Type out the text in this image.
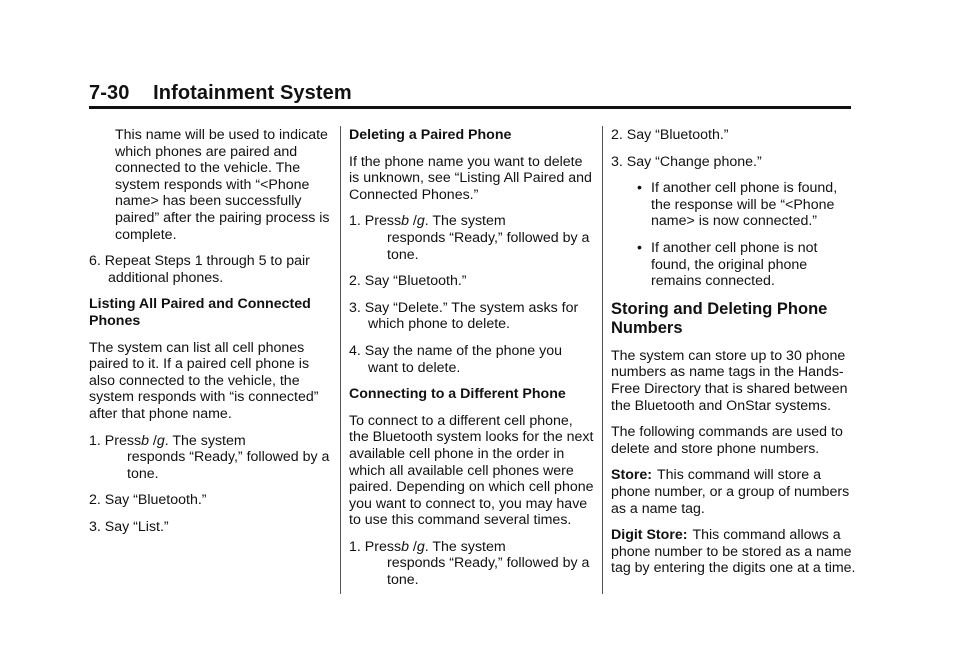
7-30 Infotainment System

This name will be used to indicate which phones are paired and connected to the vehicle. The system responds with “<Phone name> has been successfully paired” after the pairing process is complete.

6. Repeat Steps 1 through 5 to pair additional phones.

Listing All Paired and Connected Phones

The system can list all cell phones paired to it. If a paired cell phone is also connected to the vehicle, the system responds with “is connected” after that phone name.

1. Pressb /g. The system
responds “Ready,” followed by a tone.
2. Say “Bluetooth.”
3. Say “List.”

Deleting a Paired Phone

If the phone name you want to delete is unknown, see “Listing All Paired and Connected Phones.”

1. Pressb /g. The system
responds “Ready,” followed by a tone.
2. Say “Bluetooth.”
3. Say “Delete.” The system asks for which phone to delete.
4. Say the name of the phone you want to delete.

Connecting to a Different Phone

To connect to a different cell phone, the Bluetooth system looks for the next available cell phone in the order in which all available cell phones were paired. Depending on which cell phone you want to connect to, you may have to use this command several times.

1. Pressb /g. The system
responds “Ready,” followed by a tone.
2. Say “Bluetooth.”
3. Say “Change phone.”
• If another cell phone is found, the response will be “<Phone name> is now connected.”
• If another cell phone is not found, the original phone remains connected.
Storing and Deleting Phone Numbers

The system can store up to 30 phone numbers as name tags in the Hands-Free Directory that is shared between the Bluetooth and OnStar systems.

The following commands are used to delete and store phone numbers.

Store: This command will store a phone number, or a group of numbers as a name tag.

Digit Store: This command allows a phone number to be stored as a name tag by entering the digits one at a time.
